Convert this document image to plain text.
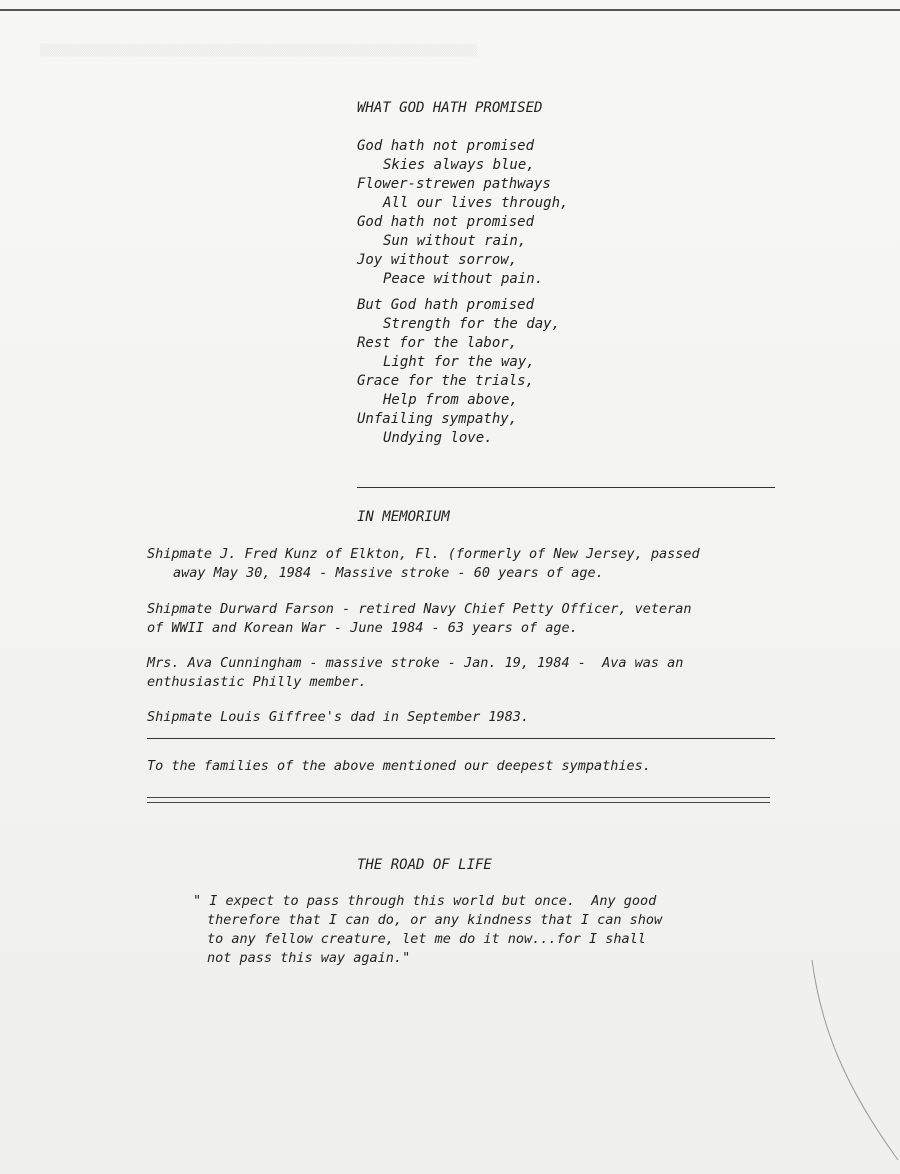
▒▒▒▒▒▒▒▒▒▒▒▒▒▒▒▒▒▒▒▒▒▒▒▒▒▒▒▒▒▒▒▒▒▒▒▒▒▒▒▒▒▒▒▒▒▒▒▒▒▒▒▒▒▒▒▒▒▒▒▒▒▒▒▒▒▒
WHAT GOD HATH PROMISED
God hath not promised
Skies always blue,
Flower-strewen pathways
All our lives through,
God hath not promised
Sun without rain,
Joy without sorrow,
Peace without pain.
But God hath promised
Strength for the day,
Rest for the labor,
Light for the way,
Grace for the trials,
Help from above,
Unfailing sympathy,
Undying love.
IN MEMORIUM
Shipmate J. Fred Kunz of Elkton, Fl. (formerly of New Jersey, passed
away May 30, 1984 - Massive stroke - 60 years of age.
Shipmate Durward Farson - retired Navy Chief Petty Officer, veteran
of WWII and Korean War - June 1984 - 63 years of age.
Mrs. Ava Cunningham - massive stroke - Jan. 19, 1984 -  Ava was an
enthusiastic Philly member.
Shipmate Louis Giffree's dad in September 1983.
To the families of the above mentioned our deepest sympathies.
THE ROAD OF LIFE
" I expect to pass through this world but once.  Any good
therefore that I can do, or any kindness that I can show
to any fellow creature, let me do it now...for I shall
not pass this way again."
